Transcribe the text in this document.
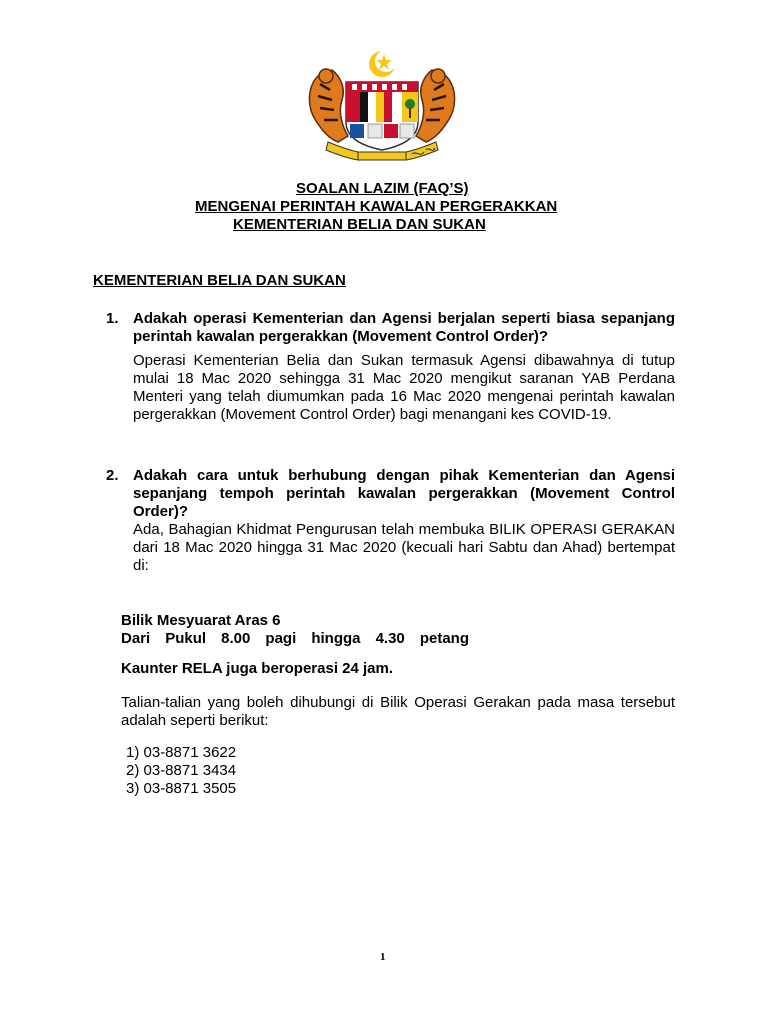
SOALAN LAZIM (FAQ’S)
MENGENAI PERINTAH KAWALAN PERGERAKKAN
KEMENTERIAN BELIA DAN SUKAN
KEMENTERIAN BELIA DAN SUKAN
1. Adakah operasi Kementerian dan Agensi berjalan seperti biasa sepanjang perintah kawalan pergerakkan (Movement Control Order)?
Operasi Kementerian Belia dan Sukan termasuk Agensi dibawahnya di tutup mulai 18 Mac 2020 sehingga 31 Mac 2020 mengikut saranan YAB Perdana Menteri yang telah diumumkan pada 16 Mac 2020 mengenai perintah kawalan pergerakkan (Movement Control Order) bagi menangani kes COVID-19.
2. Adakah cara untuk berhubung dengan pihak Kementerian dan Agensi sepanjang tempoh perintah kawalan pergerakkan (Movement Control Order)?
Ada, Bahagian Khidmat Pengurusan telah membuka BILIK OPERASI GERAKAN dari 18 Mac 2020 hingga 31 Mac 2020 (kecuali hari Sabtu dan Ahad) bertempat di:
Bilik Mesyuarat Aras 6
Dari Pukul 8.00 pagi hingga 4.30 petang
Kaunter RELA juga beroperasi 24 jam.
Talian-talian yang boleh dihubungi di Bilik Operasi Gerakan pada masa tersebut adalah seperti berikut:
1) 03-8871 3622
2) 03-8871 3434
3) 03-8871 3505
1
